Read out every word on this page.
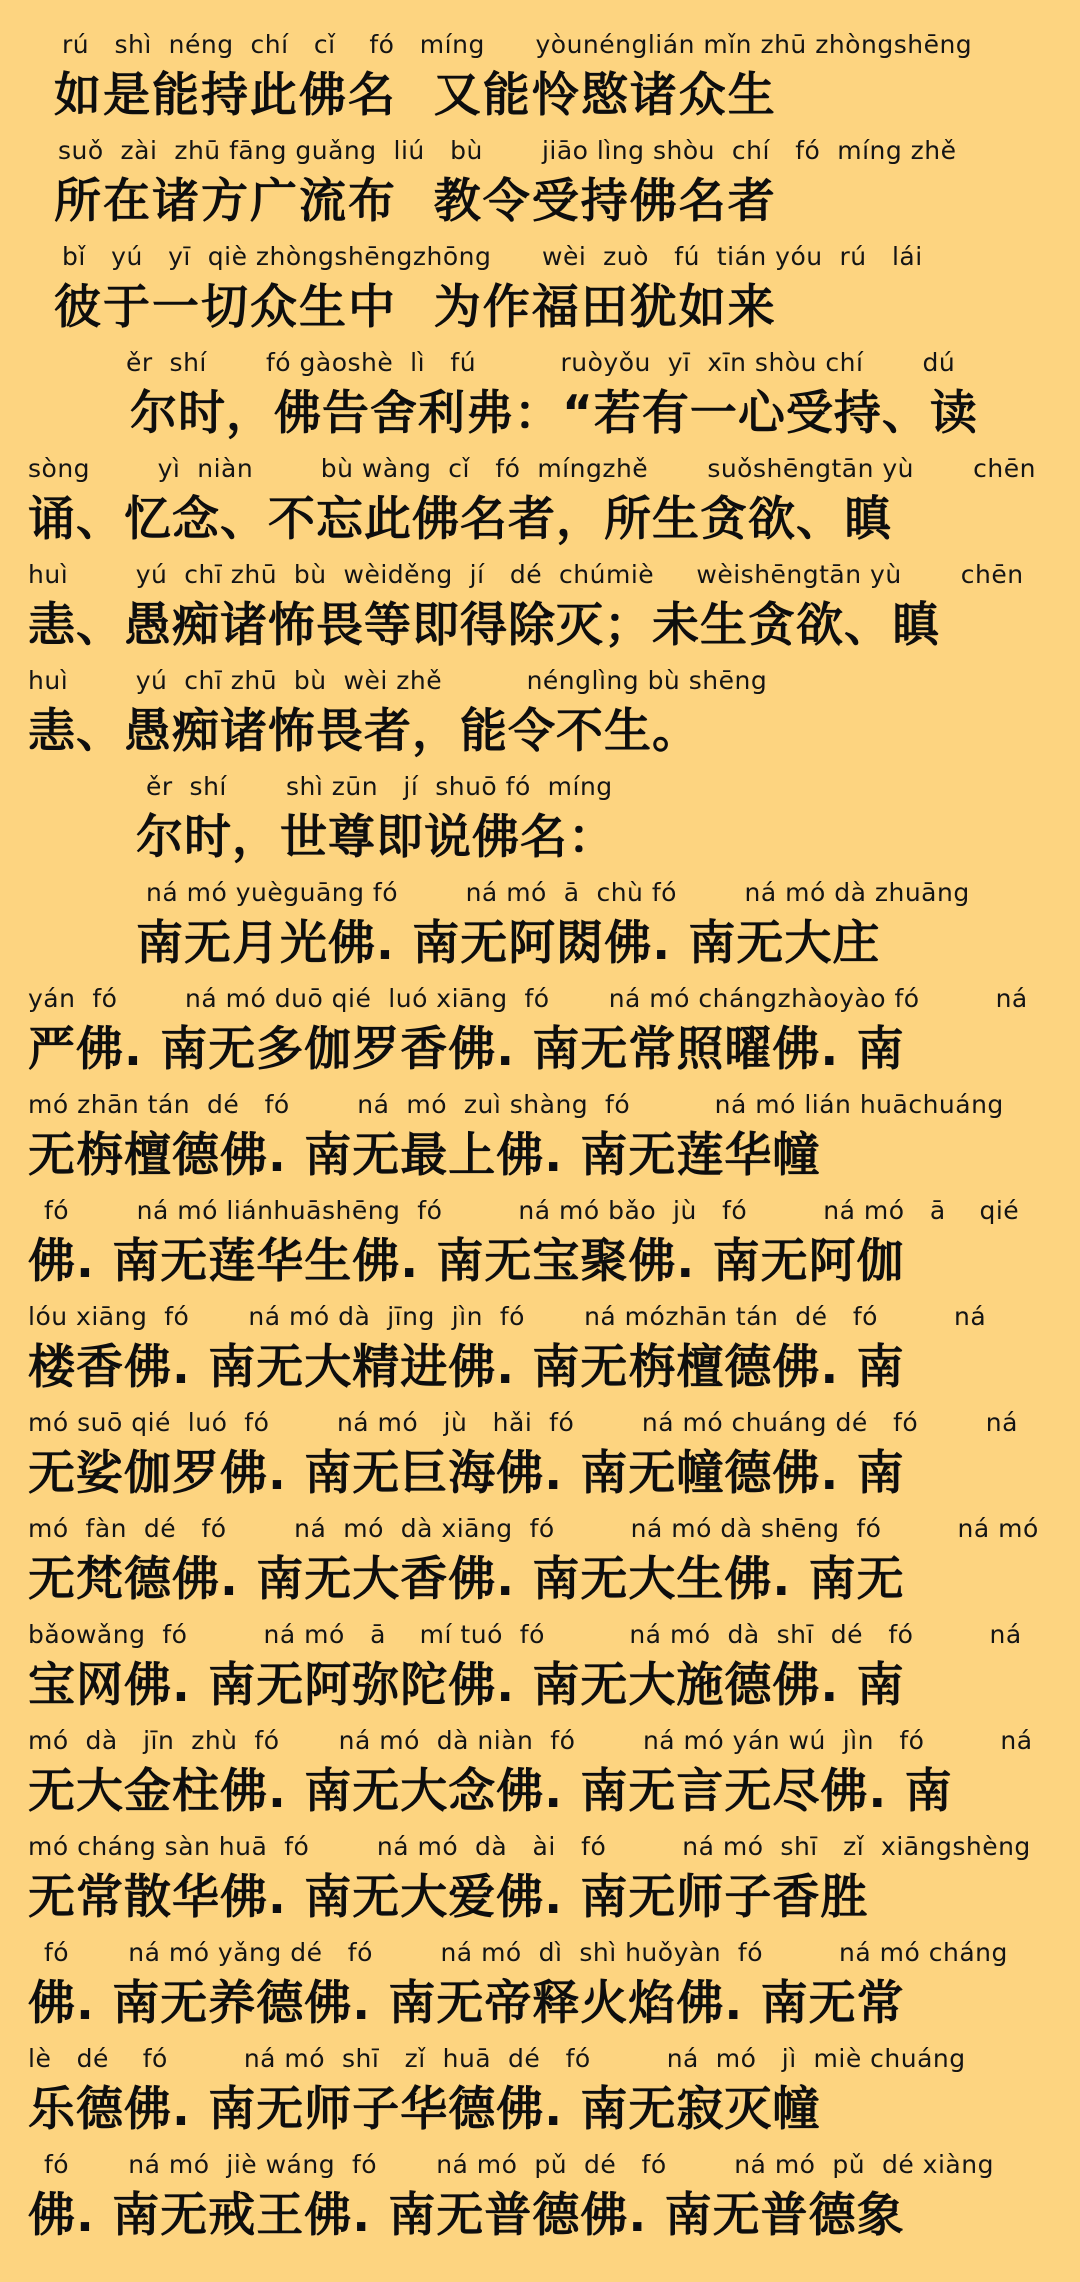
rú   shì  néng  chí   cǐ    fó   míng      yòunénglián mǐn zhū zhòngshēng
如是能持此佛名  又能怜愍诸众生
suǒ  zài  zhū fāng guǎng  liú   bù       jiāo lìng shòu  chí   fó  míng zhě
所在诸方广流布  教令受持佛名者
bǐ   yú   yī  qiè zhòngshēngzhōng      wèi  zuò   fú  tián yóu  rú   lái
彼于一切众生中  为作福田犹如来
ěr  shí       fó gàoshè  lì   fú          ruòyǒu  yī  xīn shòu chí       dú
尔时，佛告舍利弗：“若有一心受持、读
sòng        yì  niàn        bù wàng  cǐ   fó  míngzhě       suǒshēngtān yù       chēn
诵、忆念、不忘此佛名者，所生贪欲、瞋
huì        yú  chī zhū  bù  wèiděng  jí   dé  chúmiè     wèishēngtān yù       chēn
恚、愚痴诸怖畏等即得除灭；未生贪欲、瞋
huì        yú  chī zhū  bù  wèi zhě          nénglìng bù shēng
恚、愚痴诸怖畏者，能令不生。
ěr  shí       shì zūn   jí  shuō fó  míng
尔时，世尊即说佛名：
ná mó yuèguāng fó        ná mó  ā  chù fó        ná mó dà zhuāng
南无月光佛. 南无阿閦佛. 南无大庄
yán  fó        ná mó duō qié  luó xiāng  fó       ná mó chángzhàoyào fó         ná
严佛. 南无多伽罗香佛. 南无常照曜佛. 南
mó zhān tán  dé   fó        ná  mó  zuì shàng  fó          ná mó lián huāchuáng
无栴檀德佛. 南无最上佛. 南无莲华幢
fó        ná mó liánhuāshēng  fó         ná mó bǎo  jù   fó         ná mó   ā    qié
佛. 南无莲华生佛. 南无宝聚佛. 南无阿伽
lóu xiāng  fó       ná mó dà  jīng  jìn  fó       ná mózhān tán  dé   fó         ná
楼香佛. 南无大精进佛. 南无栴檀德佛. 南
mó suō qié  luó  fó        ná mó   jù   hǎi  fó        ná mó chuáng dé   fó        ná
无娑伽罗佛. 南无巨海佛. 南无幢德佛. 南
mó  fàn  dé   fó        ná  mó  dà xiāng  fó         ná mó dà shēng  fó         ná mó
无梵德佛. 南无大香佛. 南无大生佛. 南无
bǎowǎng  fó         ná mó   ā    mí tuó  fó          ná mó  dà  shī  dé   fó         ná
宝网佛. 南无阿弥陀佛. 南无大施德佛. 南
mó  dà   jīn  zhù  fó       ná mó  dà niàn  fó        ná mó yán wú  jìn   fó         ná
无大金柱佛. 南无大念佛. 南无言无尽佛. 南
mó cháng sàn huā  fó        ná mó  dà   ài   fó         ná mó  shī   zǐ  xiāngshèng
无常散华佛. 南无大爱佛. 南无师子香胜
fó       ná mó yǎng dé   fó        ná mó  dì  shì huǒyàn  fó         ná mó cháng
佛. 南无养德佛. 南无帝释火焰佛. 南无常
lè   dé    fó         ná mó  shī   zǐ  huā  dé   fó         ná  mó   jì  miè chuáng
乐德佛. 南无师子华德佛. 南无寂灭幢
fó       ná mó  jiè wáng  fó       ná mó  pǔ  dé   fó        ná mó  pǔ  dé xiàng
佛. 南无戒王佛. 南无普德佛. 南无普德象
